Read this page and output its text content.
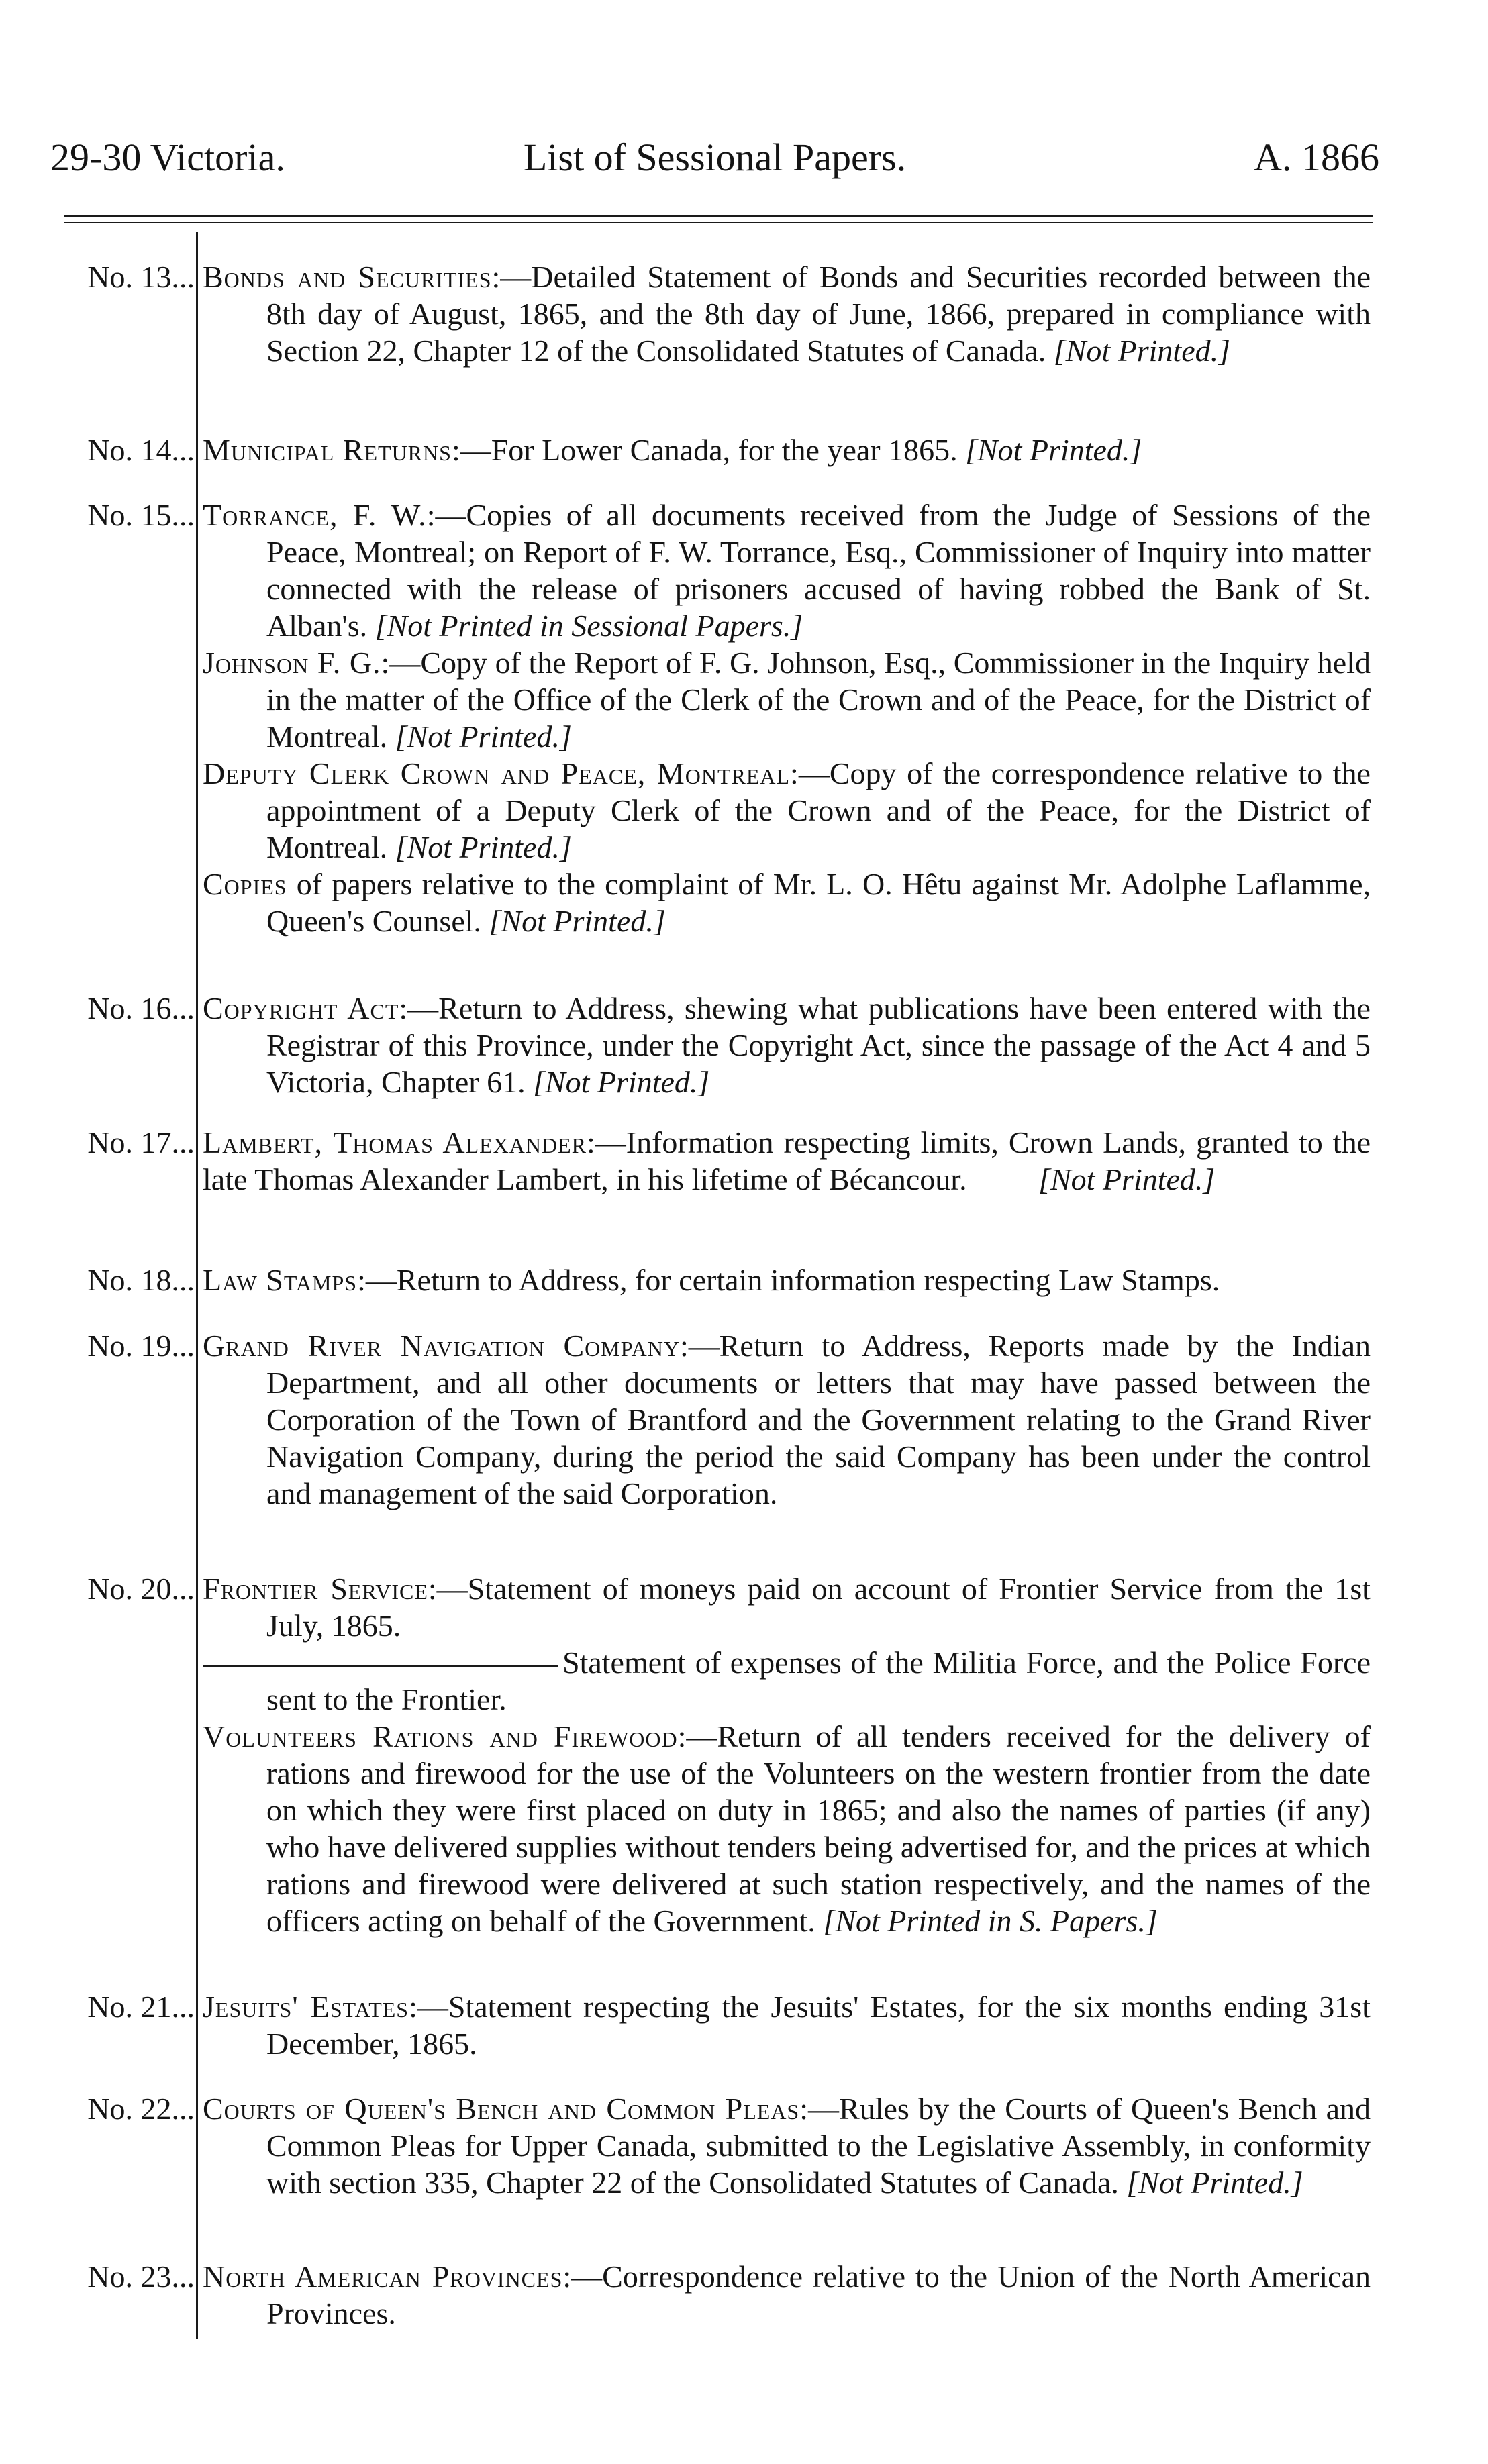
29-30 Victoria.	List of Sessional Papers.	A. 1866
No. 13... Bonds and Securities:—Detailed Statement of Bonds and Securities recorded between the 8th day of August, 1865, and the 8th day of June, 1866, prepared in compliance with Section 22, Chapter 12 of the Consolidated Statutes of Canada. [Not Printed.]
No. 14... Municipal Returns:—For Lower Canada, for the year 1865. [Not Printed.]
No. 15... Torrance, F. W.:—Copies of all documents received from the Judge of Sessions of the Peace, Montreal; on Report of F. W. Torrance, Esq., Commissioner of Inquiry into matter connected with the release of prisoners accused of having robbed the Bank of St. Alban's. [Not Printed in Sessional Papers.]
Johnson F. G.:—Copy of the Report of F. G. Johnson, Esq., Commissioner in the Inquiry held in the matter of the Office of the Clerk of the Crown and of the Peace, for the District of Montreal. [Not Printed.]
Deputy Clerk Crown and Peace, Montreal:—Copy of the correspondence relative to the appointment of a Deputy Clerk of the Crown and of the Peace, for the District of Montreal. [Not Printed.]
Copies of papers relative to the complaint of Mr. L. O. Hêtu against Mr. Adolphe Laflamme, Queen's Counsel. [Not Printed.]
No. 16... Copyright Act:—Return to Address, shewing what publications have been entered with the Registrar of this Province, under the Copyright Act, since the passage of the Act 4 and 5 Victoria, Chapter 61. [Not Printed.]
No. 17... Lambert, Thomas Alexander:—Information respecting limits, Crown Lands, granted to the late Thomas Alexander Lambert, in his lifetime of Bécancour. [Not Printed.]
No. 18... Law Stamps:—Return to Address, for certain information respecting Law Stamps.
No. 19... Grand River Navigation Company:—Return to Address, Reports made by the Indian Department, and all other documents or letters that may have passed between the Corporation of the Town of Brantford and the Government relating to the Grand River Navigation Company, during the period the said Company has been under the control and management of the said Corporation.
No. 20... Frontier Service:—Statement of moneys paid on account of Frontier Service from the 1st July, 1865.
Statement of expenses of the Militia Force, and the Police Force sent to the Frontier.
Volunteers Rations and Firewood:—Return of all tenders received for the delivery of rations and firewood for the use of the Volunteers on the western frontier from the date on which they were first placed on duty in 1865; and also the names of parties (if any) who have delivered supplies without tenders being advertised for, and the prices at which rations and firewood were delivered at such station respectively, and the names of the officers acting on behalf of the Government. [Not Printed in S. Papers.]
No. 21... Jesuits' Estates:—Statement respecting the Jesuits' Estates, for the six months ending 31st December, 1865.
No. 22... Courts of Queen's Bench and Common Pleas:—Rules by the Courts of Queen's Bench and Common Pleas for Upper Canada, submitted to the Legislative Assembly, in conformity with section 335, Chapter 22 of the Consolidated Statutes of Canada. [Not Printed.]
No. 23... North American Provinces:—Correspondence relative to the Union of the North American Provinces.
